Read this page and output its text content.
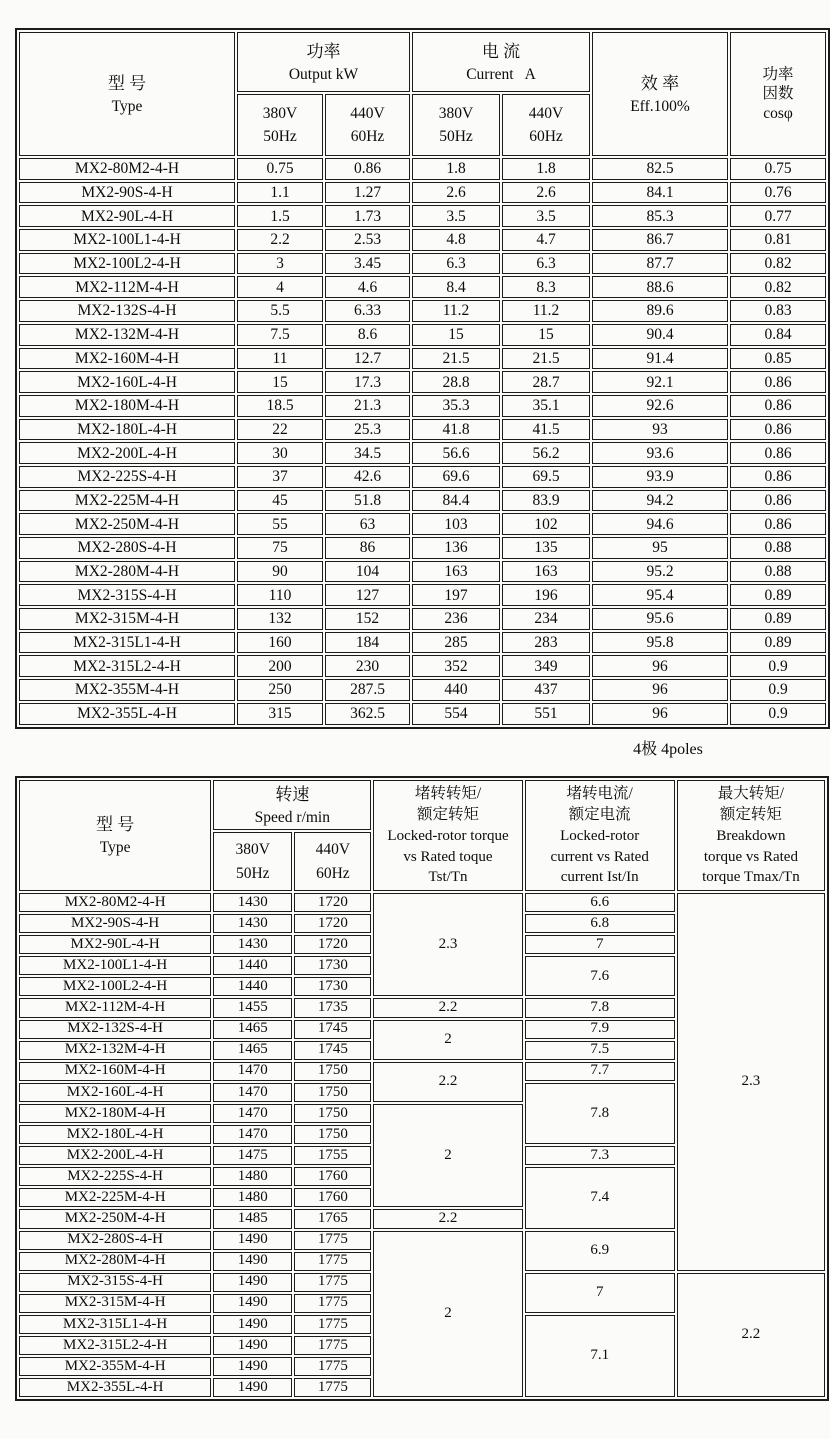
型 号
Type

功率
Output kW

电 流
Current A	效 率
Eff.100%

功率
因数
cosφ

380V
50Hz

440V
60Hz

380V
50Hz

440V
60Hz

MX2-80M2-4-H	0.75	0.86	1.8	1.8	82.5	0.75
MX2-90S-4-H	1.1	1.27	2.6	2.6	84.1	0.76
MX2-90L-4-H	1.5	1.73	3.5	3.5	85.3	0.77
MX2-100L1-4-H	2.2	2.53	4.8	4.7	86.7	0.81
MX2-100L2-4-H	3	3.45	6.3	6.3	87.7	0.82
MX2-112M-4-H	4	4.6	8.4	8.3	88.6	0.82
MX2-132S-4-H	5.5	6.33	11.2	11.2	89.6	0.83
MX2-132M-4-H	7.5	8.6	15	15	90.4	0.84
MX2-160M-4-H	11	12.7	21.5	21.5	91.4	0.85
MX2-160L-4-H	15	17.3	28.8	28.7	92.1	0.86
MX2-180M-4-H	18.5	21.3	35.3	35.1	92.6	0.86
MX2-180L-4-H	22	25.3	41.8	41.5	93	0.86
MX2-200L-4-H	30	34.5	56.6	56.2	93.6	0.86
MX2-225S-4-H	37	42.6	69.6	69.5	93.9	0.86
MX2-225M-4-H	45	51.8	84.4	83.9	94.2	0.86
MX2-250M-4-H	55	63	103	102	94.6	0.86
MX2-280S-4-H	75	86	136	135	95	0.88
MX2-280M-4-H	90	104	163	163	95.2	0.88
MX2-315S-4-H	110	127	197	196	95.4	0.89
MX2-315M-4-H	132	152	236	234	95.6	0.89
MX2-315L1-4-H	160	184	285	283	95.8	0.89
MX2-315L2-4-H	200	230	352	349	96	0.9
MX2-355M-4-H	250	287.5	440	437	96	0.9
MX2-355L-4-H	315	362.5	554	551	96	0.9
4极 4poles
型 号
Type

转速
Speed r/min

堵转转矩/
额定转矩
Locked-rotor torque
vs Rated toque
Tst/Tn

堵转电流/
额定电流
Locked-rotor
current vs Rated
current Ist/In

最大转矩/
额定转矩
Breakdown
torque vs Rated
torque Tmax/Tn

380V
50Hz

440V
60Hz

MX2-80M2-4-H	1430	1720	2.3	6.6	2.3
MX2-90S-4-H	1430	1720		6.8	
MX2-90L-4-H	1430	1720		7	
MX2-100L1-4-H	1440	1730		7.6	
MX2-100L2-4-H	1440	1730			
MX2-112M-4-H	1455	1735	2.2	7.8	
MX2-132S-4-H	1465	1745	2	7.9	
MX2-132M-4-H	1465	1745		7.5	
MX2-160M-4-H	1470	1750	2.2	7.7	
MX2-160L-4-H	1470	1750		7.8	
MX2-180M-4-H	1470	1750	2		
MX2-180L-4-H	1470	1750			
MX2-200L-4-H	1475	1755		7.3	
MX2-225S-4-H	1480	1760		7.4	
MX2-225M-4-H	1480	1760			
MX2-250M-4-H	1485	1765	2.2		
MX2-280S-4-H	1490	1775	2	6.9	
MX2-280M-4-H	1490	1775			
MX2-315S-4-H	1490	1775		7	2.2
MX2-315M-4-H	1490	1775			
MX2-315L1-4-H	1490	1775		7.1	
MX2-315L2-4-H	1490	1775			
MX2-355M-4-H	1490	1775			
MX2-355L-4-H	1490	1775			
